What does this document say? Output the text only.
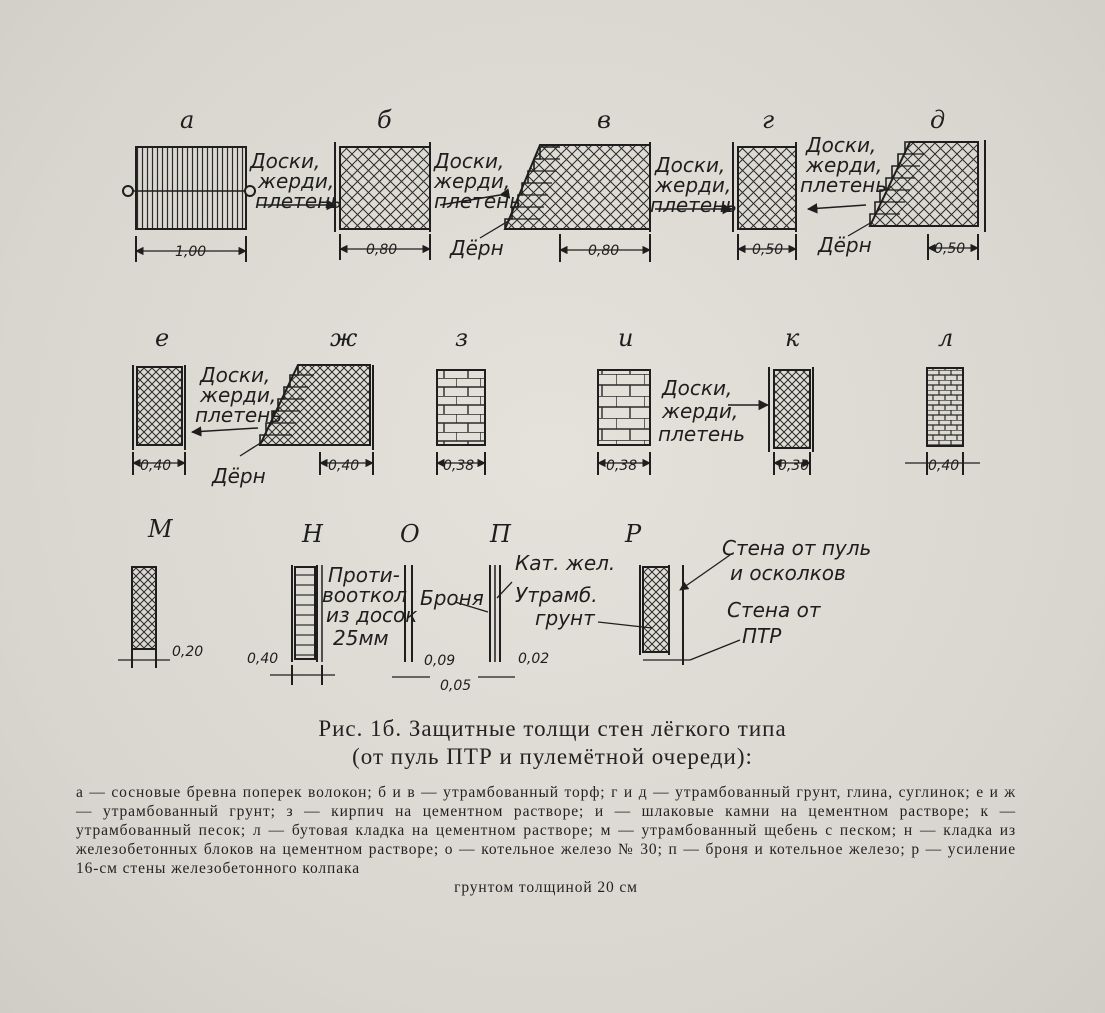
а	б	в	г	д
е	ж	з	и	к	л
М	Н	О	П	Р
Доски,
жерди,
плетень
Доски,
жерди,
плетень
Дёрн
Доски,
жерди,
плетень
Доски,
жерди,
плетень
Дёрн
1,00	0,80	0,80	0,50	0,50
Доски,
жерди,
плетень
Дёрн
Доски,
жерди,
плетень
0,40	0,40	0,38	0,38	0,30	0,40
Проти-
вооткол
из досок
25мм
Броня
Кат. жел.
Утрамб.
грунт
Стена от пуль
и осколков
Стена от
ПТР
0,20	0,40	0,09
0,05
0,02
Рис. 1б. Защитные толщи стен лёгкого типа
(от пуль ПТР и пулемётной очереди):
а — сосновые бревна поперек волокон; б и в — утрамбованный торф; г и д — утрамбованный грунт, глина, суглинок; е и ж — утрамбованный грунт; з — кирпич на цементном растворе; и — шлаковые камни на цементном растворе; к — утрамбованный песок; л — бутовая кладка на цементном растворе; м — утрамбованный щебень с песком; н — кладка из железобетонных блоков на цементном растворе; о — котельное железо № 30; п — броня и котельное железо; р — усиление 16-см стены железобетонного колпака
грунтом толщиной 20 см
